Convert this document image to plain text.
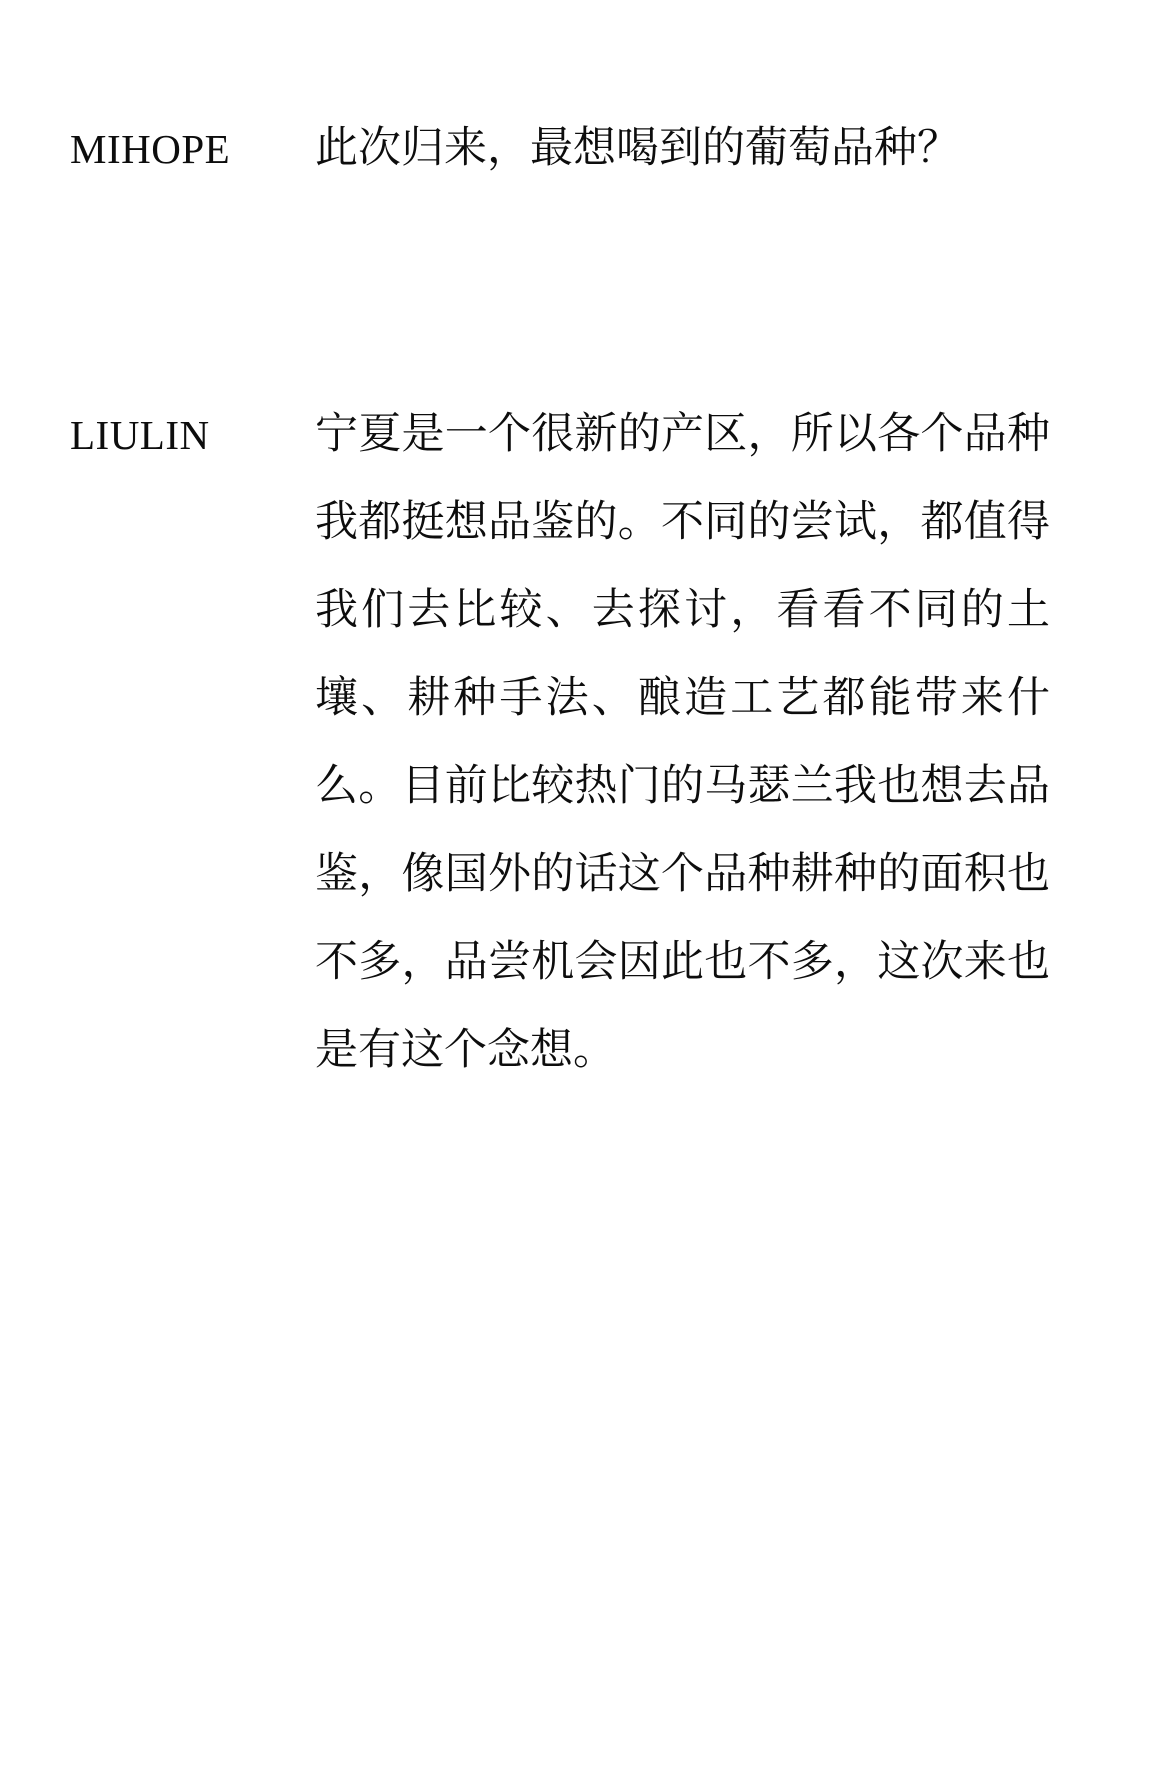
MIHOPE	此次归来，最想喝到的葡萄品种？
LIULIN	宁夏是一个很新的产区，所以各个品种我都挺想品鉴的。不同的尝试，都值得我们去比较、去探讨，看看不同的土壤、耕种手法、酿造工艺都能带来什么。目前比较热门的马瑟兰我也想去品鉴，像国外的话这个品种耕种的面积也不多，品尝机会因此也不多，这次来也是有这个念想。
